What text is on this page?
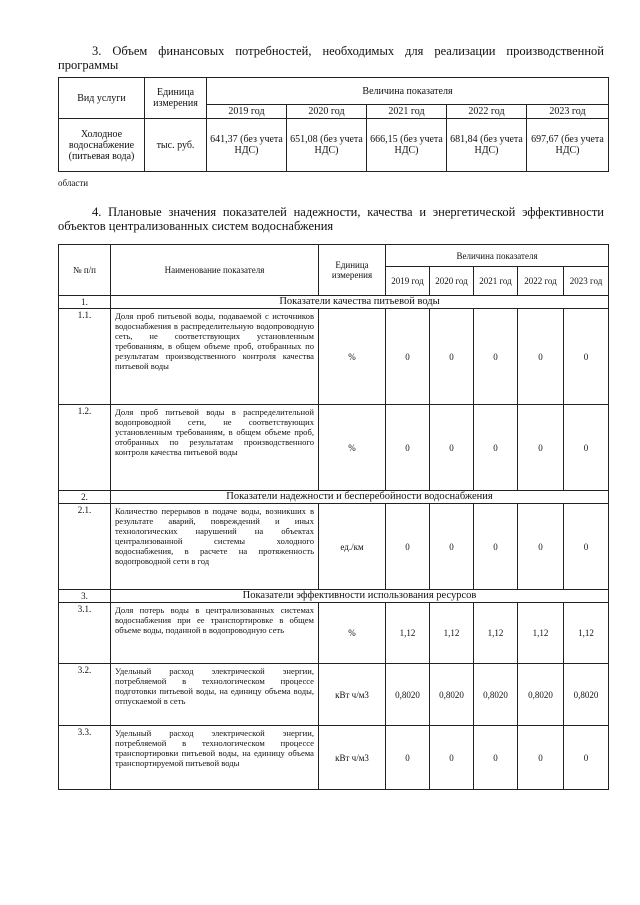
3. Объем финансовых потребностей, необходимых для реализации производственной программы
Вид услуги	Единица измерения	Величина показателя				
		2019 год	2020 год	2021 год	2022 год	2023 год
Холодное водоснабжение (питьевая вода)	тыс. руб.	641,37 (без учета НДС)	651,08 (без учета НДС)	666,15 (без учета НДС)	681,84 (без учета НДС)	697,67 (без учета НДС)
области
4. Плановые значения показателей надежности, качества и энергетической эффективности объектов централизованных систем водоснабжения
№ п/п	Наименование показателя	Единица измерения	Величина показателя				
			2019 год	2020 год	2021 год	2022 год	2023 год
1.	Показатели качества питьевой воды						
1.1.	Доля проб питьевой воды, подаваемой с источников водоснабжения в распределительную водопроводную сеть, не соответствующих установленным требованиям, в общем объеме проб, отобранных по результатам производственного контроля качества питьевой воды	%	0	0	0	0	0
1.2.	Доля проб питьевой воды в распределительной водопроводной сети, не соответствующих установленным требованиям, в общем объеме проб, отобранных по результатам производственного контроля качества питьевой воды	%	0	0	0	0	0
2.	Показатели надежности и бесперебойности водоснабжения						
2.1.	Количество перерывов в подаче воды, возникших в результате аварий, повреждений и иных технологических нарушений на объектах централизованной системы холодного водоснабжения, в расчете на протяженность водопроводной сети в год	ед./км	0	0	0	0	0
3.	Показатели эффективности использования ресурсов						
3.1.	Доля потерь воды в централизованных системах водоснабжения при ее транспортировке в общем объеме воды, поданной в водопроводную сеть	%	1,12	1,12	1,12	1,12	1,12
3.2.	Удельный расход электрической энергии, потребляемой в технологическом процессе подготовки питьевой воды, на единицу объема воды, отпускаемой в сеть	кВт ч/м3	0,8020	0,8020	0,8020	0,8020	0,8020
3.3.	Удельный расход электрической энергии, потребляемой в технологическом процессе транспортировки питьевой воды, на единицу объема транспортируемой питьевой воды	кВт ч/м3	0	0	0	0	0
